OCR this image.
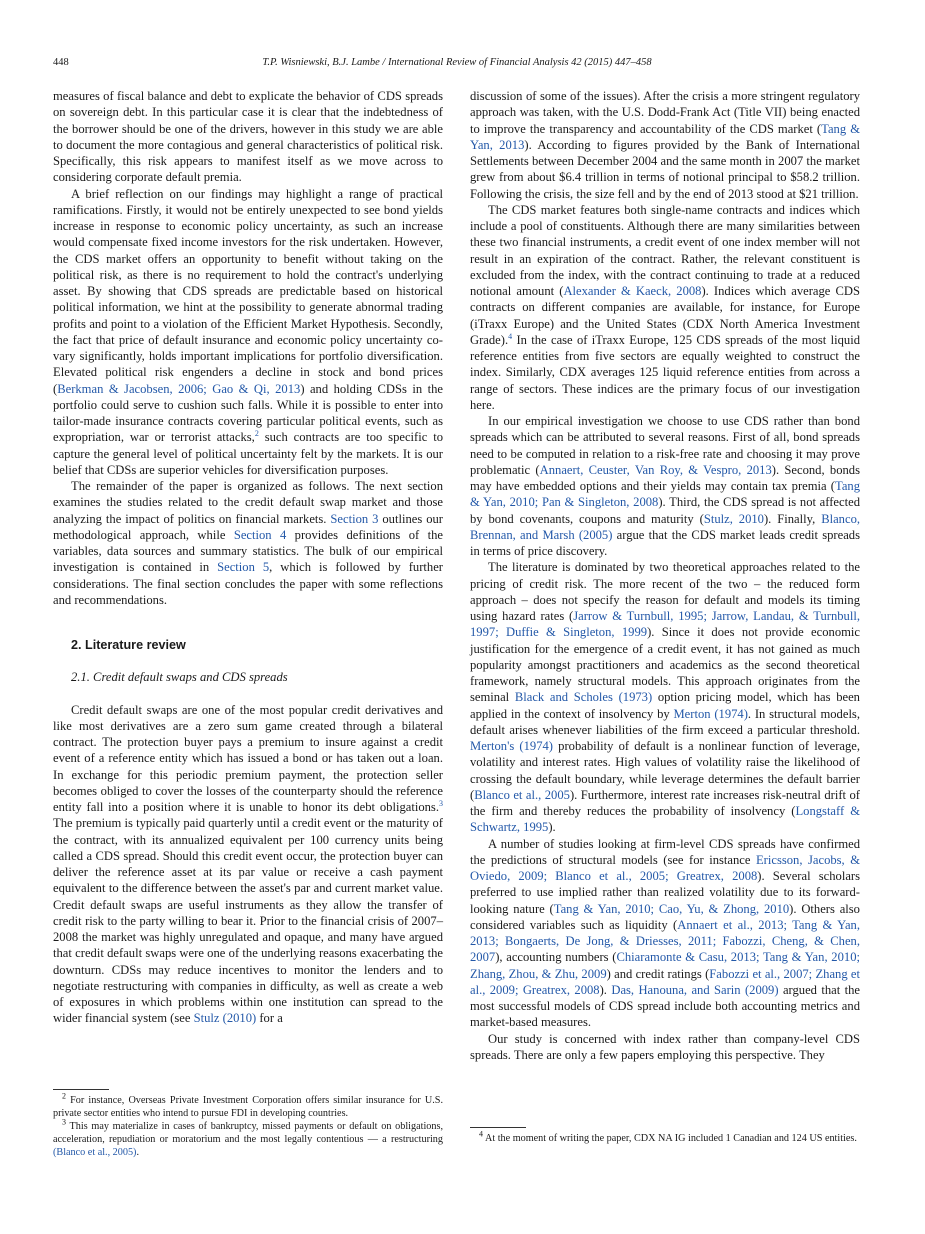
448	T.P. Wisniewski, B.J. Lambe / International Review of Financial Analysis 42 (2015) 447–458

measures of fiscal balance and debt to explicate the behavior of CDS spreads on sovereign debt. In this particular case it is clear that the indebtedness of the borrower should be one of the drivers, however in this study we are able to document the more contagious and general characteristics of political risk. Specifically, this risk appears to manifest itself as we move across to considering corporate default premia.

A brief reflection on our findings may highlight a range of practical ramifications. Firstly, it would not be entirely unexpected to see bond yields increase in response to economic policy uncertainty, as such an increase would compensate fixed income investors for the risk undertaken. However, the CDS market offers an opportunity to benefit without taking on the political risk, as there is no requirement to hold the contract's underlying asset. By showing that CDS spreads are predictable based on historical political information, we hint at the possibility to generate abnormal trading profits and point to a violation of the Efficient Market Hypothesis. Secondly, the fact that price of default insurance and economic policy uncertainty co-vary significantly, holds important implications for portfolio diversification. Elevated political risk engenders a decline in stock and bond prices (Berkman & Jacobsen, 2006; Gao & Qi, 2013) and holding CDSs in the portfolio could serve to cushion such falls. While it is possible to enter into tailor-made insurance contracts covering particular political events, such as expropriation, war or terrorist attacks,$^2$ such contracts are too specific to capture the general level of political uncertainty felt by the markets. It is our belief that CDSs are superior vehicles for diversification purposes.

The remainder of the paper is organized as follows. The next section examines the studies related to the credit default swap market and those analyzing the impact of politics on financial markets. Section 3 outlines our methodological approach, while Section 4 provides definitions of the variables, data sources and summary statistics. The bulk of our empirical investigation is contained in Section 5, which is followed by further considerations. The final section concludes the paper with some reflections and recommendations.

2. Literature review

2.1. Credit default swaps and CDS spreads

Credit default swaps are one of the most popular credit derivatives and like most derivatives are a zero sum game created through a bilateral contract. The protection buyer pays a premium to insure against a credit event of a reference entity which has issued a bond or has taken out a loan. In exchange for this periodic premium payment, the protection seller becomes obliged to cover the losses of the counterparty should the reference entity fall into a position where it is unable to honor its debt obligations.$^3$ The premium is typically paid quarterly until a credit event or the maturity of the contract, with its annualized equivalent per 100 currency units being called a CDS spread. Should this credit event occur, the protection buyer can deliver the reference asset at its par value or receive a cash payment equivalent to the difference between the asset's par and current market value. Credit default swaps are useful instruments as they allow the transfer of credit risk to the party willing to bear it. Prior to the financial crisis of 2007–2008 the market was highly unregulated and opaque, and many have argued that credit default swaps were one of the underlying reasons exacerbating the downturn. CDSs may reduce incentives to monitor the lenders and to negotiate restructuring with companies in difficulty, as well as create a web of exposures in which problems within one institution can spread to the wider financial system (see Stulz (2010) for a

discussion of some of the issues). After the crisis a more stringent regulatory approach was taken, with the U.S. Dodd-Frank Act (Title VII) being enacted to improve the transparency and accountability of the CDS market (Tang & Yan, 2013). According to figures provided by the Bank of International Settlements between December 2004 and the same month in 2007 the market grew from about $6.4 trillion in terms of notional principal to $58.2 trillion. Following the crisis, the size fell and by the end of 2013 stood at $21 trillion.

The CDS market features both single-name contracts and indices which include a pool of constituents. Although there are many similarities between these two financial instruments, a credit event of one index member will not result in an expiration of the contract. Rather, the relevant constituent is excluded from the index, with the contract continuing to trade at a reduced notional amount (Alexander & Kaeck, 2008). Indices which average CDS contracts on different companies are available, for instance, for Europe (iTraxx Europe) and the United States (CDX North America Investment Grade).$^4$ In the case of iTraxx Europe, 125 CDS spreads of the most liquid reference entities from five sectors are equally weighted to construct the index. Similarly, CDX averages 125 liquid reference entities from across a range of sectors. These indices are the primary focus of our investigation here.

In our empirical investigation we choose to use CDS rather than bond spreads which can be attributed to several reasons. First of all, bond spreads need to be computed in relation to a risk-free rate and choosing it may prove problematic (Annaert, Ceuster, Van Roy, & Vespro, 2013). Second, bonds may have embedded options and their yields may contain tax premia (Tang & Yan, 2010; Pan & Singleton, 2008). Third, the CDS spread is not affected by bond covenants, coupons and maturity (Stulz, 2010). Finally, Blanco, Brennan, and Marsh (2005) argue that the CDS market leads credit spreads in terms of price discovery.

The literature is dominated by two theoretical approaches related to the pricing of credit risk. The more recent of the two – the reduced form approach – does not specify the reason for default and models its timing using hazard rates (Jarrow & Turnbull, 1995; Jarrow, Landau, & Turnbull, 1997; Duffie & Singleton, 1999). Since it does not provide economic justification for the emergence of a credit event, it has not gained as much popularity amongst practitioners and academics as the second theoretical framework, namely structural models. This approach originates from the seminal Black and Scholes (1973) option pricing model, which has been applied in the context of insolvency by Merton (1974). In structural models, default arises whenever liabilities of the firm exceed a particular threshold. Merton's (1974) probability of default is a nonlinear function of leverage, volatility and interest rates. High values of volatility raise the likelihood of crossing the default boundary, while leverage determines the default barrier (Blanco et al., 2005). Furthermore, interest rate increases risk-neutral drift of the firm and thereby reduces the probability of insolvency (Longstaff & Schwartz, 1995).

A number of studies looking at firm-level CDS spreads have confirmed the predictions of structural models (see for instance Ericsson, Jacobs, & Oviedo, 2009; Blanco et al., 2005; Greatrex, 2008). Several scholars preferred to use implied rather than realized volatility due to its forward-looking nature (Tang & Yan, 2010; Cao, Yu, & Zhong, 2010). Others also considered variables such as liquidity (Annaert et al., 2013; Tang & Yan, 2013; Bongaerts, De Jong, & Driesses, 2011; Fabozzi, Cheng, & Chen, 2007), accounting numbers (Chiaramonte & Casu, 2013; Tang & Yan, 2010; Zhang, Zhou, & Zhu, 2009) and credit ratings (Fabozzi et al., 2007; Zhang et al., 2009; Greatrex, 2008). Das, Hanouna, and Sarin (2009) argued that the most successful models of CDS spread include both accounting metrics and market-based measures.

Our study is concerned with index rather than company-level CDS spreads. There are only a few papers employing this perspective. They

$^2$ For instance, Overseas Private Investment Corporation offers similar insurance for U.S. private sector entities who intend to pursue FDI in developing countries.

$^3$ This may materialize in cases of bankruptcy, missed payments or default on obligations, acceleration, repudiation or moratorium and the most legally contentious — a restructuring (Blanco et al., 2005).

$^4$ At the moment of writing the paper, CDX NA IG included 1 Canadian and 124 US entities.
